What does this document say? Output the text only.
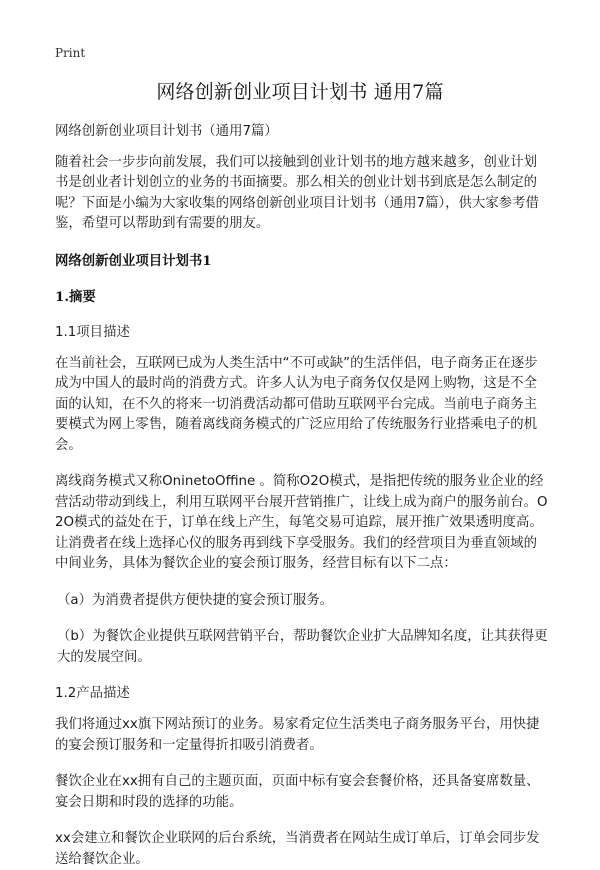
Print
网络创新创业项目计划书 通用7篇

网络创新创业项目计划书（通用7篇）

随着社会一步步向前发展，我们可以接触到创业计划书的地方越来越多，创业计划书是创业者计划创立的业务的书面摘要。那么相关的创业计划书到底是怎么制定的呢？下面是小编为大家收集的网络创新创业项目计划书（通用7篇），供大家参考借鉴，希望可以帮助到有需要的朋友。

网络创新创业项目计划书1

1.摘要

1.1项目描述

在当前社会，互联网已成为人类生活中“不可或缺”的生活伴侣，电子商务正在逐步成为中国人的最时尚的消费方式。许多人认为电子商务仅仅是网上购物，这是不全面的认知，在不久的将来一切消费活动都可借助互联网平台完成。当前电子商务主要模式为网上零售，随着离线商务模式的广泛应用给了传统服务行业搭乘电子的机会。

离线商务模式又称OninetoOffine 。简称O2O模式，是指把传统的服务业企业的经营活动带动到线上，利用互联网平台展开营销推广，让线上成为商户的服务前台。O2O模式的益处在于，订单在线上产生，每笔交易可追踪，展开推广效果透明度高。让消费者在线上选择心仪的服务再到线下享受服务。我们的经营项目为垂直领域的中间业务，具体为餐饮企业的宴会预订服务，经营目标有以下二点：

（a）为消费者提供方便快捷的宴会预订服务。

（b）为餐饮企业提供互联网营销平台，帮助餐饮企业扩大品牌知名度，让其获得更大的发展空间。

1.2产品描述

我们将通过xx旗下网站预订的业务。易家肴定位生活类电子商务服务平台，用快捷的宴会预订服务和一定量得折扣吸引消费者。

餐饮企业在xx拥有自己的主题页面，页面中标有宴会套餐价格，还具备宴席数量、宴会日期和时段的选择的功能。

xx会建立和餐饮企业联网的后台系统，当消费者在网站生成订单后，订单会同步发送给餐饮企业。
